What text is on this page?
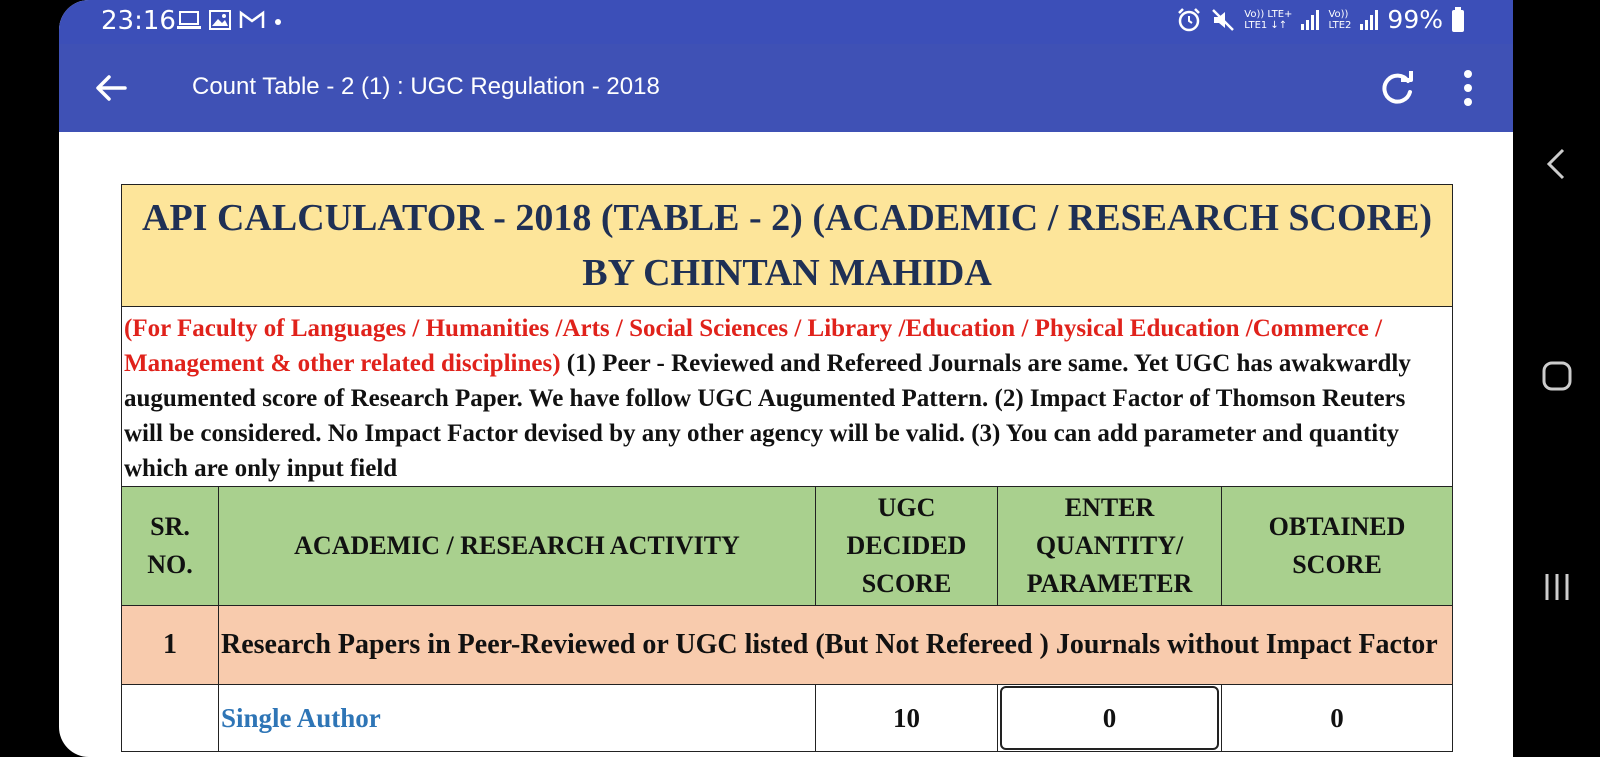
23:16	Vo)) LTE+
LTE1 ↓↑
Vo))
LTE2 99%
Count Table - 2 (1) : UGC Regulation - 2018
API CALCULATOR - 2018 (TABLE - 2) (ACADEMIC / RESEARCH SCORE) BY CHINTAN MAHIDA				
(For Faculty of Languages / Humanities /Arts / Social Sciences / Library /Education / Physical Education /Commerce / Management & other related disciplines) (1) Peer - Reviewed and Refereed Journals are same. Yet UGC has awakwardly augumented score of Research Paper. We have follow UGC Augumented Pattern. (2) Impact Factor of Thomson Reuters will be considered. No Impact Factor devised by any other agency will be valid. (3) You can add parameter and quantity which are only input field				

SR. NO.	ACADEMIC / RESEARCH ACTIVITY	UGC DECIDED SCORE	ENTER QUANTITY/ PARAMETER	OBTAINED SCORE

1	Research Papers in Peer-Reviewed or UGC listed (But Not Refereed ) Journals without Impact Factor			
	Single Author	10	0	0
